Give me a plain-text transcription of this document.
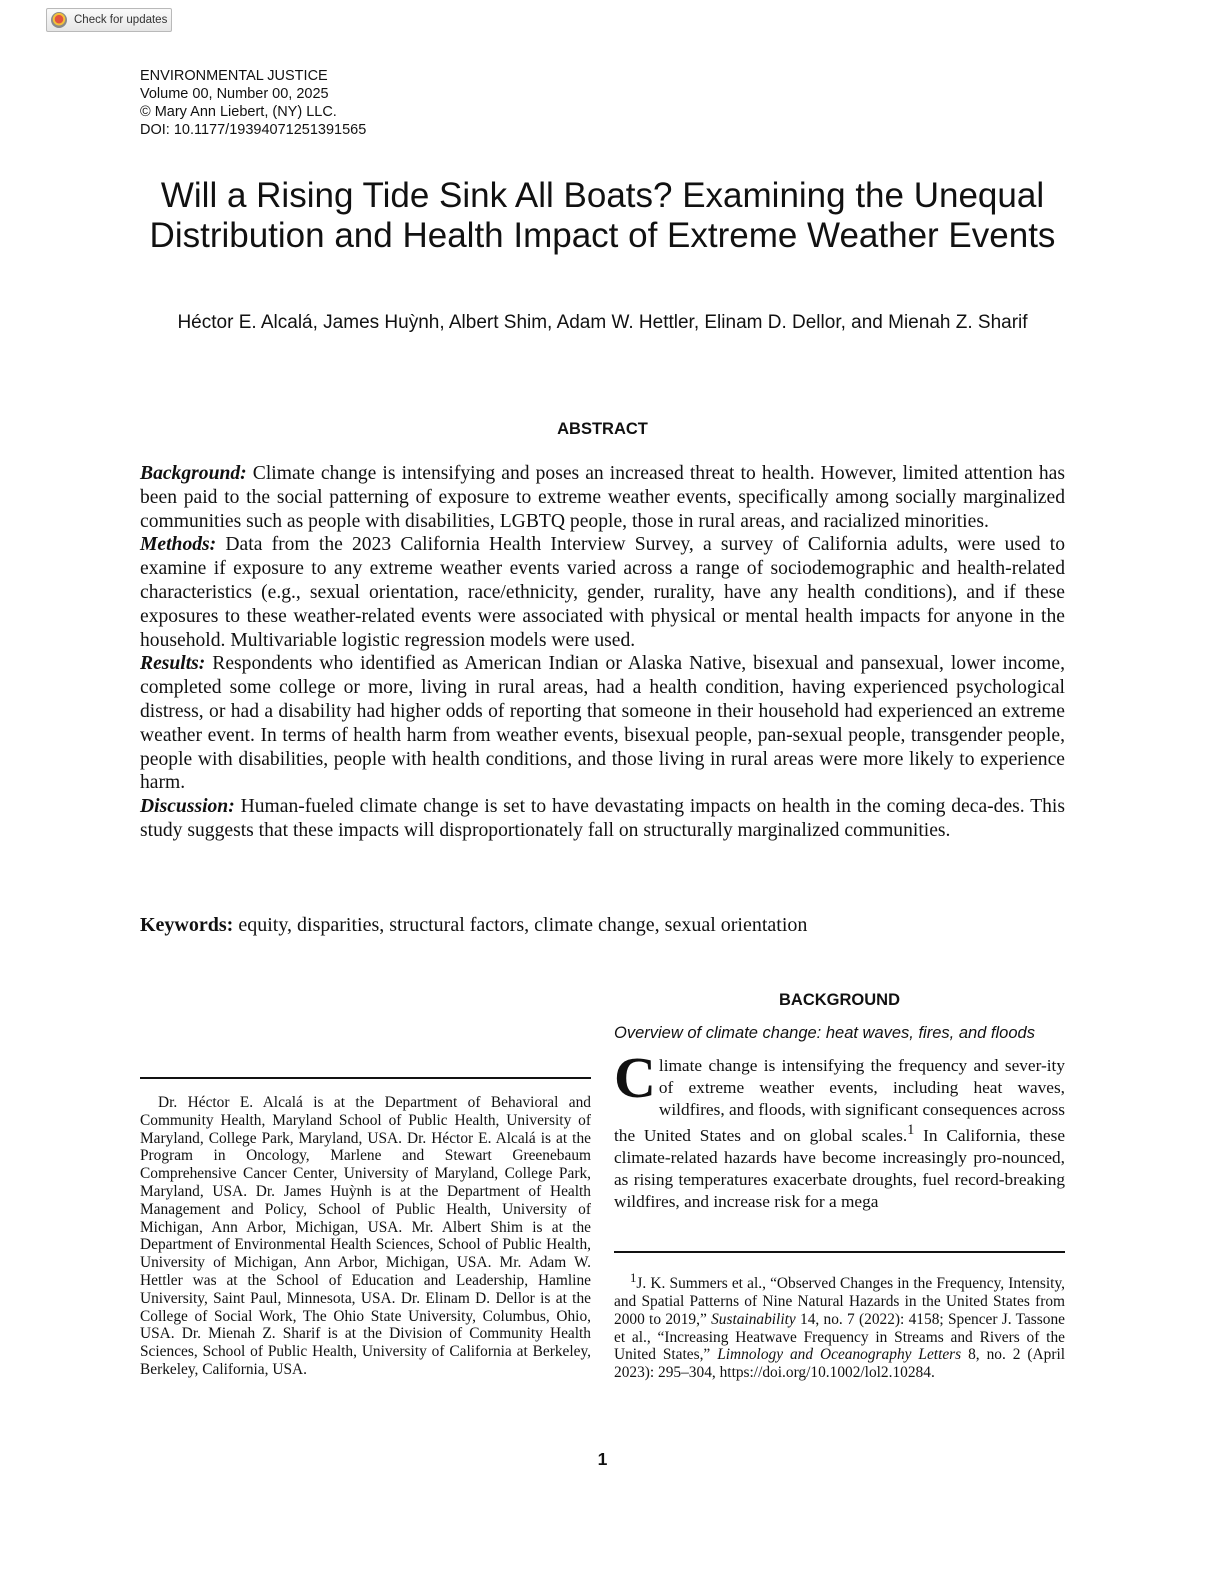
Check for updates
ENVIRONMENTAL JUSTICE
Volume 00, Number 00, 2025
© Mary Ann Liebert, (NY) LLC.
DOI: 10.1177/19394071251391565
Will a Rising Tide Sink All Boats? Examining the Unequal
Distribution and Health Impact of Extreme Weather Events
Héctor E. Alcalá, James Huỳnh, Albert Shim, Adam W. Hettler, Elinam D. Dellor, and Mienah Z. Sharif
ABSTRACT

Background: Climate change is intensifying and poses an increased threat to health. However, limited attention has been paid to the social patterning of exposure to extreme weather events, specifically among socially marginalized communities such as people with disabilities, LGBTQ people, those in rural areas, and racialized minorities.

Methods: Data from the 2023 California Health Interview Survey, a survey of California adults, were used to examine if exposure to any extreme weather events varied across a range of sociodemographic and health-related characteristics (e.g., sexual orientation, race/ethnicity, gender, rurality, have any health conditions), and if these exposures to these weather-related events were associated with physical or mental health impacts for anyone in the household. Multivariable logistic regression models were used.

Results: Respondents who identified as American Indian or Alaska Native, bisexual and pansexual, lower income, completed some college or more, living in rural areas, had a health condition, having experienced psychological distress, or had a disability had higher odds of reporting that someone in their household had experienced an extreme weather event. In terms of health harm from weather events, bisexual people, pan-sexual people, transgender people, people with disabilities, people with health conditions, and those living in rural areas were more likely to experience harm.

Discussion: Human-fueled climate change is set to have devastating impacts on health in the coming deca-des. This study suggests that these impacts will disproportionately fall on structurally marginalized communities.

Keywords: equity, disparities, structural factors, climate change, sexual orientation
BACKGROUND
Overview of climate change: heat waves, fires, and floods

Climate change is intensifying the frequency and sever-ity of extreme weather events, including heat waves, wildfires, and floods, with significant consequences across the United States and on global scales.$^1$ In California, these climate-related hazards have become increasingly pro-nounced, as rising temperatures exacerbate droughts, fuel record-breaking wildfires, and increase risk for a mega

Dr. Héctor E. Alcalá is at the Department of Behavioral and Community Health, Maryland School of Public Health, University of Maryland, College Park, Maryland, USA. Dr. Héctor E. Alcalá is at the Program in Oncology, Marlene and Stewart Greenebaum Comprehensive Cancer Center, University of Maryland, College Park, Maryland, USA. Dr. James Huỳnh is at the Department of Health Management and Policy, School of Public Health, University of Michigan, Ann Arbor, Michigan, USA. Mr. Albert Shim is at the Department of Environmental Health Sciences, School of Public Health, University of Michigan, Ann Arbor, Michigan, USA. Mr. Adam W. Hettler was at the School of Education and Leadership, Hamline University, Saint Paul, Minnesota, USA. Dr. Elinam D. Dellor is at the College of Social Work, The Ohio State University, Columbus, Ohio, USA. Dr. Mienah Z. Sharif is at the Division of Community Health Sciences, School of Public Health, University of California at Berkeley, Berkeley, California, USA.

$^1$J. K. Summers et al., “Observed Changes in the Frequency, Intensity, and Spatial Patterns of Nine Natural Hazards in the United States from 2000 to 2019,” Sustainability 14, no. 7 (2022): 4158; Spencer J. Tassone et al., “Increasing Heatwave Frequency in Streams and Rivers of the United States,” Limnology and Oceanography Letters 8, no. 2 (April 2023): 295–304, https://doi.org/10.1002/lol2.10284.

1
